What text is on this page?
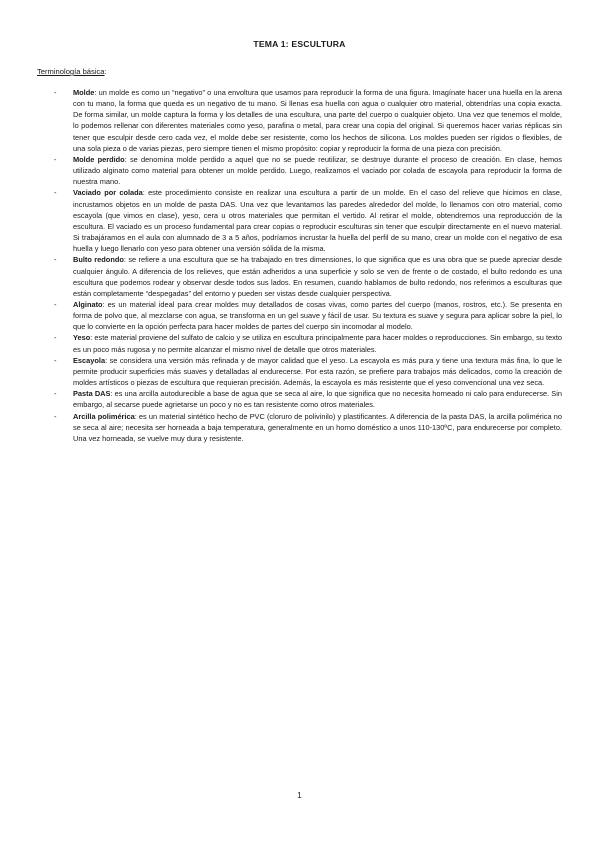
TEMA 1: ESCULTURA
Terminología básica:
- Molde: un molde es como un “negativo” o una envoltura que usamos para reproducir la forma de una figura. Imagínate hacer una huella en la arena con tu mano, la forma que queda es un negativo de tu mano. Si llenas esa huella con agua o cualquier otro material, obtendrías una copia exacta. De forma similar, un molde captura la forma y los detalles de una escultura, una parte del cuerpo o cualquier objeto. Una vez que tenemos el molde, lo podemos rellenar con diferentes materiales como yeso, parafina o metal, para crear una copia del original. Si queremos hacer varias réplicas sin tener que esculpir desde cero cada vez, el molde debe ser resistente, como los hechos de silicona. Los moldes pueden ser rígidos o flexibles, de una sola pieza o de varias piezas, pero siempre tienen el mismo propósito: copiar y reproducir la forma de una pieza con precisión.
- Molde perdido: se denomina molde perdido a aquel que no se puede reutilizar, se destruye durante el proceso de creación. En clase, hemos utilizado alginato como material para obtener un molde perdido. Luego, realizamos el vaciado por colada de escayola para reproducir la forma de nuestra mano.
- Vaciado por colada: este procedimiento consiste en realizar una escultura a partir de un molde. En el caso del relieve que hicimos en clase, incrustamos objetos en un molde de pasta DAS. Una vez que levantamos las paredes alrededor del molde, lo llenamos con otro material, como escayola (que vimos en clase), yeso, cera u otros materiales que permitan el vertido. Al retirar el molde, obtendremos una reproducción de la escultura. El vaciado es un proceso fundamental para crear copias o reproducir esculturas sin tener que esculpir directamente en el nuevo material. Si trabajáramos en el aula con alumnado de 3 a 5 años, podríamos incrustar la huella del perfil de su mano, crear un molde con el negativo de esa huella y luego llenarlo con yeso para obtener una versión sólida de la misma.
- Bulto redondo: se refiere a una escultura que se ha trabajado en tres dimensiones, lo que significa que es una obra que se puede apreciar desde cualquier ángulo. A diferencia de los relieves, que están adheridos a una superficie y solo se ven de frente o de costado, el bulto redondo es una escultura que podemos rodear y observar desde todos sus lados. En resumen, cuando hablamos de bulto redondo, nos referimos a esculturas que están completamente “despegadas” del entorno y pueden ser vistas desde cualquier perspectiva.
- Alginato: es un material ideal para crear moldes muy detallados de cosas vivas, como partes del cuerpo (manos, rostros, etc.). Se presenta en forma de polvo que, al mezclarse con agua, se transforma en un gel suave y fácil de usar. Su textura es suave y segura para aplicar sobre la piel, lo que lo convierte en la opción perfecta para hacer moldes de partes del cuerpo sin incomodar al modelo.
- Yeso: este material proviene del sulfato de calcio y se utiliza en escultura principalmente para hacer moldes o reproducciones. Sin embargo, su texto es un poco más rugosa y no permite alcanzar el mismo nivel de detalle que otros materiales.
- Escayola: se considera una versión más refinada y de mayor calidad que el yeso. La escayola es más pura y tiene una textura más fina, lo que le permite producir superficies más suaves y detalladas al endurecerse. Por esta razón, se prefiere para trabajos más delicados, como la creación de moldes artísticos o piezas de escultura que requieran precisión. Además, la escayola es más resistente que el yeso convencional una vez seca.
- Pasta DAS: es una arcilla autodurecible a base de agua que se seca al aire, lo que significa que no necesita horneado ni calo para endurecerse. Sin embargo, al secarse puede agrietarse un poco y no es tan resistente como otros materiales.
- Arcilla polimérica: es un material sintético hecho de PVC (cloruro de polivinilo) y plastificantes. A diferencia de la pasta DAS, la arcilla polimérica no se seca al aire; necesita ser horneada a baja temperatura, generalmente en un horno doméstico a unos 110-130ºC, para endurecerse por completo. Una vez horneada, se vuelve muy dura y resistente.
1
